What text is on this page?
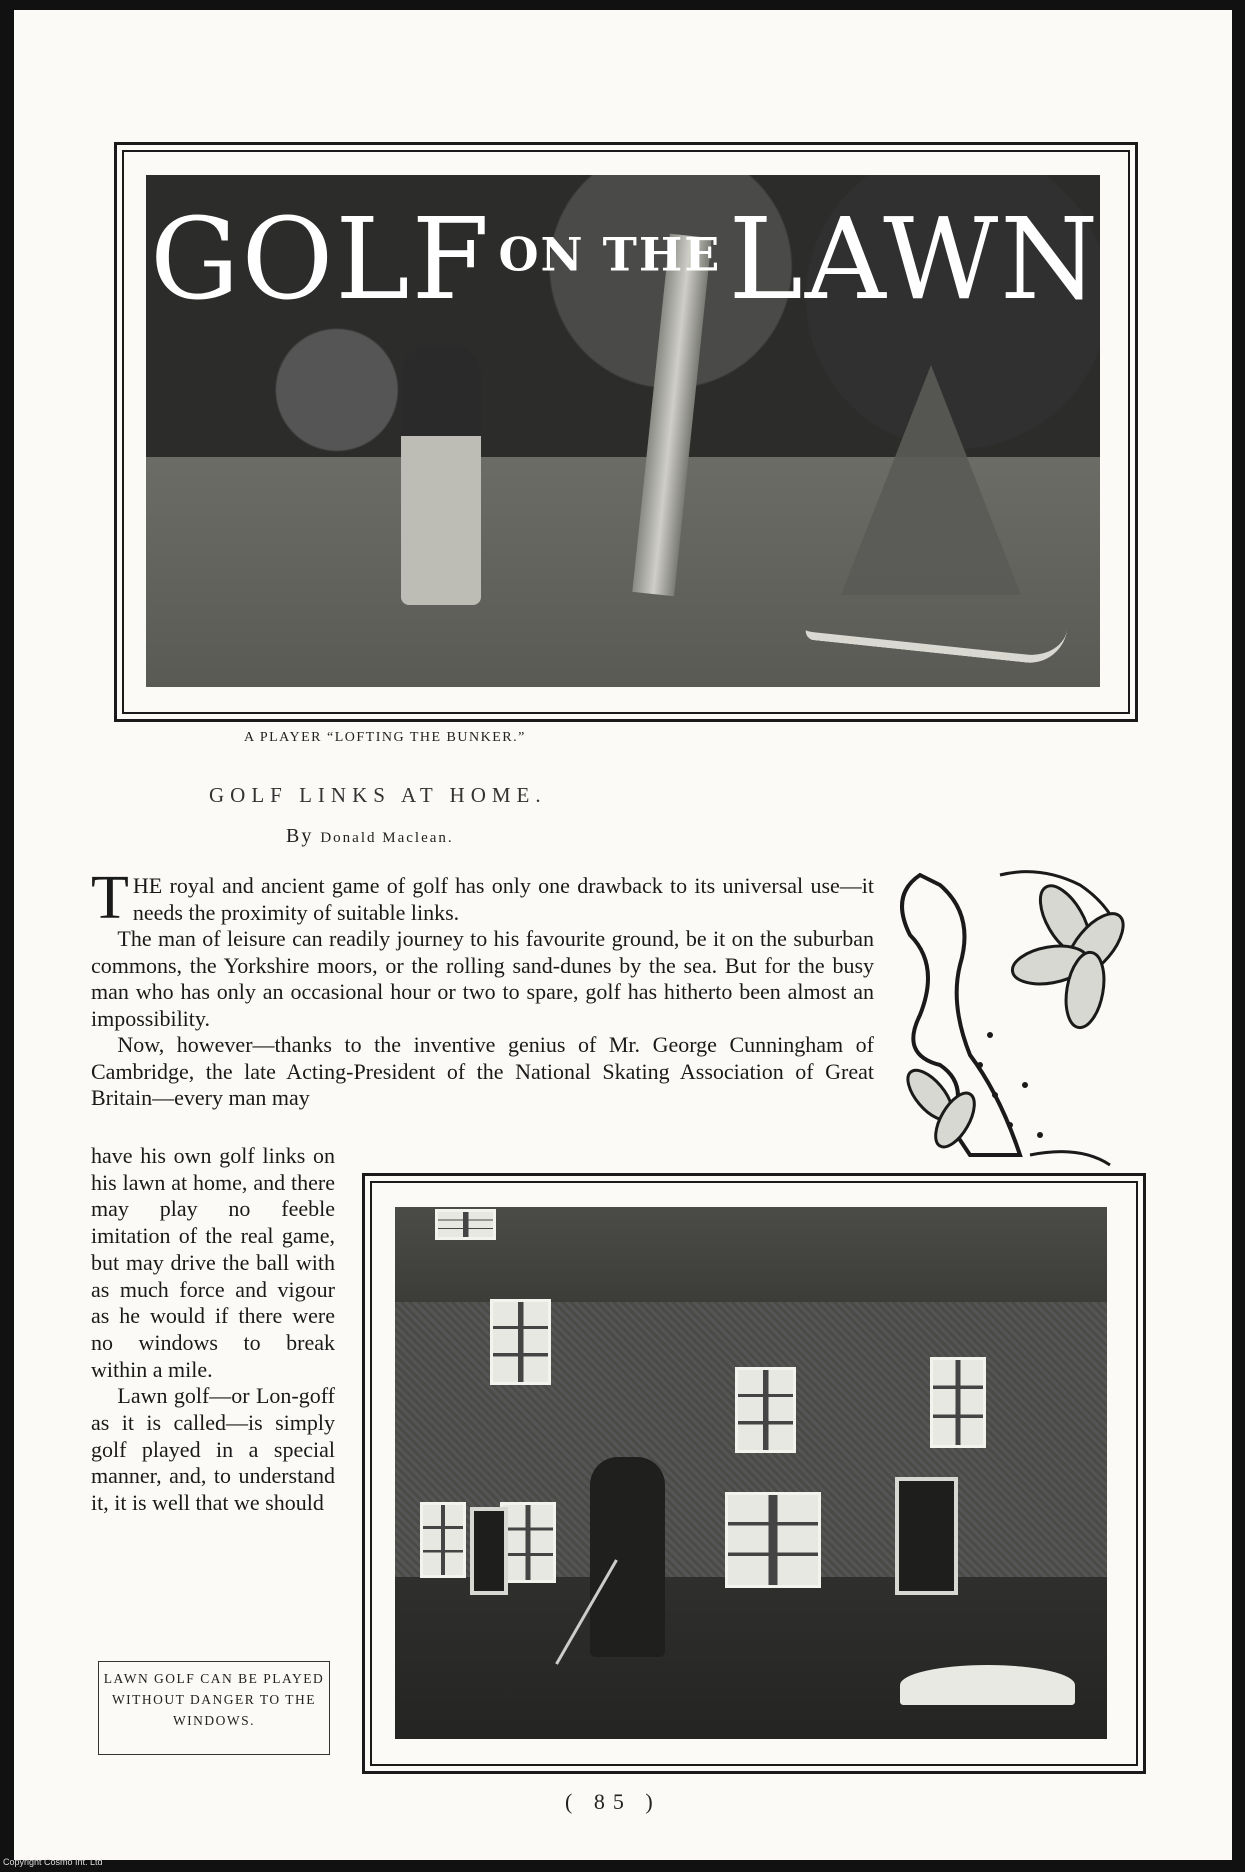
GOLF ON THE LAWN
A PLAYER “LOFTING THE BUNKER.”
GOLF LINKS AT HOME.
By Donald Maclean.

THE royal and ancient game of golf has only one drawback to its universal use—it needs the proximity of suitable links.

The man of leisure can readily journey to his favourite ground, be it on the suburban commons, the Yorkshire moors, or the rolling sand-dunes by the sea. But for the busy man who has only an occasional hour or two to spare, golf has hitherto been almost an impossibility.

Now, however—thanks to the inventive genius of Mr. George Cunningham of Cambridge, the late Acting-President of the National Skating Association of Great Britain—every man may

have his own golf links on his lawn at home, and there may play no feeble imitation of the real game, but may drive the ball with as much force and vigour as he would if there were no windows to break within a mile.

Lawn golf—or Lon-goff as it is called—is simply golf played in a special manner, and, to understand it, it is well that we should

LAWN GOLF CAN BE PLAYED WITHOUT DANGER TO THE WINDOWS.
( 85 )
Copyright Cosmo Int. Ltd
